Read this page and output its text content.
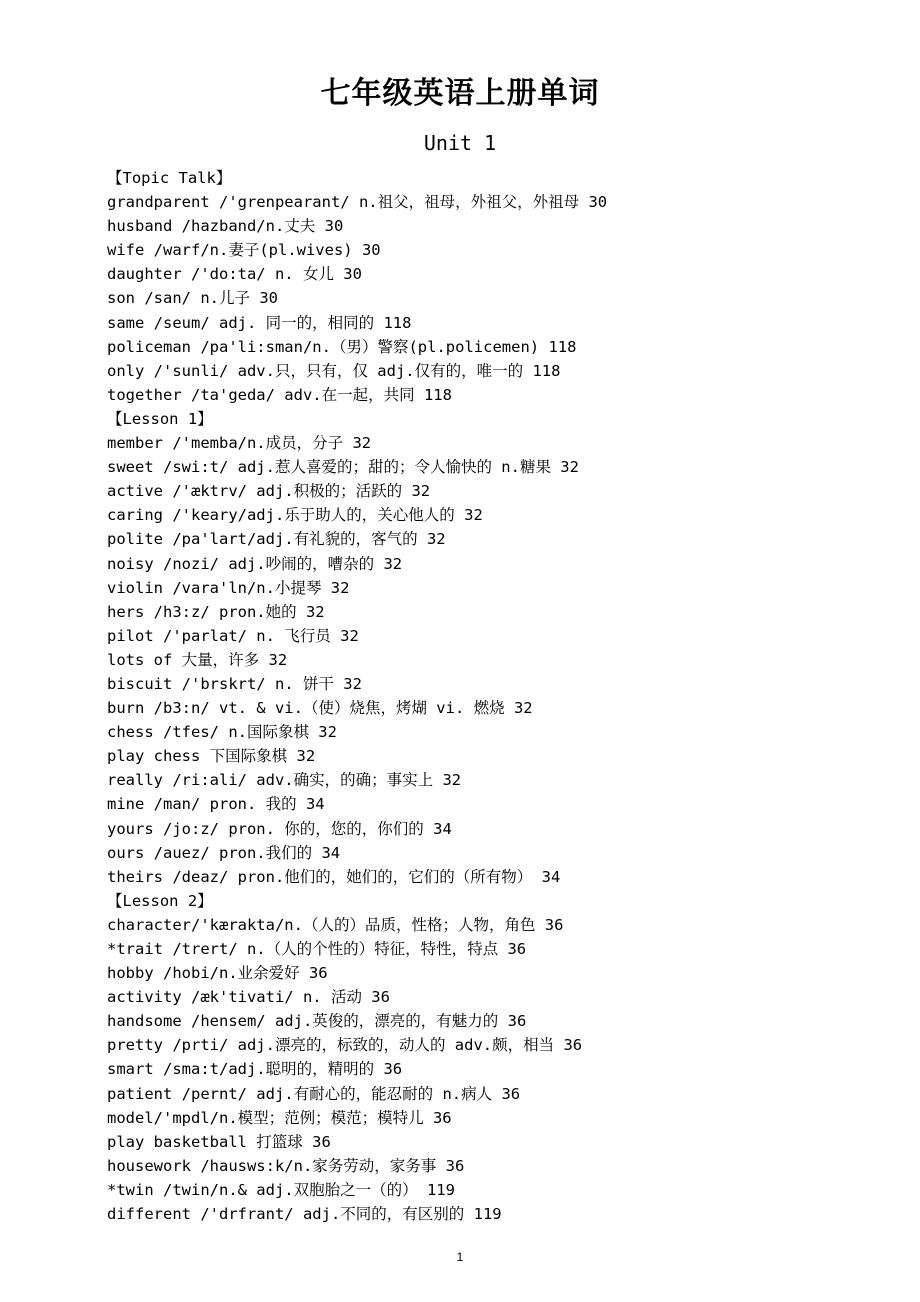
七年级英语上册单词
Unit 1
【Topic Talk】
grandparent /'grenpearant/ n.祖父，祖母，外祖父，外祖母 30
husband /hazband/n.丈夫 30
wife /warf/n.妻子(pl.wives) 30
daughter /'do:ta/ n. 女儿 30
son /san/ n.儿子 30
same /seum/ adj. 同一的，相同的 118
policeman /pa'li:sman/n.（男）警察(pl.policemen) 118
only /'sunli/ adv.只，只有，仅 adj.仅有的，唯一的 118
together /ta'geda/ adv.在一起，共同 118
【Lesson 1】
member /'memba/n.成员，分子 32
sweet /swi:t/ adj.惹人喜爱的；甜的；令人愉快的 n.糖果 32
active /'æktrv/ adj.积极的；活跃的 32
caring /'keary/adj.乐于助人的，关心他人的 32
polite /pa'lart/adj.有礼貌的，客气的 32
noisy /nozi/ adj.吵闹的，嘈杂的 32
violin /vara'ln/n.小提琴 32
hers /h3:z/ pron.她的 32
pilot /'parlat/ n. 飞行员 32
lots of 大量，许多 32
biscuit /'brskrt/ n. 饼干 32
burn /b3:n/ vt. & vi.（使）烧焦，烤煳 vi. 燃烧 32
chess /tfes/ n.国际象棋 32
play chess 下国际象棋 32
really /ri:ali/ adv.确实，的确；事实上 32
mine /man/ pron. 我的 34
yours /jo:z/ pron. 你的，您的，你们的 34
ours /auez/ pron.我们的 34
theirs /deaz/ pron.他们的，她们的，它们的（所有物） 34
【Lesson 2】
character/'kærakta/n.（人的）品质，性格；人物，角色 36
*trait /trert/ n.（人的个性的）特征，特性，特点 36
hobby /hobi/n.业余爱好 36
activity /æk'tivati/ n. 活动 36
handsome /hensem/ adj.英俊的，漂亮的，有魅力的 36
pretty /prti/ adj.漂亮的，标致的，动人的 adv.颇，相当 36
smart /sma:t/adj.聪明的，精明的 36
patient /pernt/ adj.有耐心的，能忍耐的 n.病人 36
model/'mpdl/n.模型；范例；模范；模特儿 36
play basketball 打篮球 36
housework /hausws:k/n.家务劳动，家务事 36
*twin /twin/n.& adj.双胞胎之一（的） 119
different /'drfrant/ adj.不同的，有区别的 119
1
